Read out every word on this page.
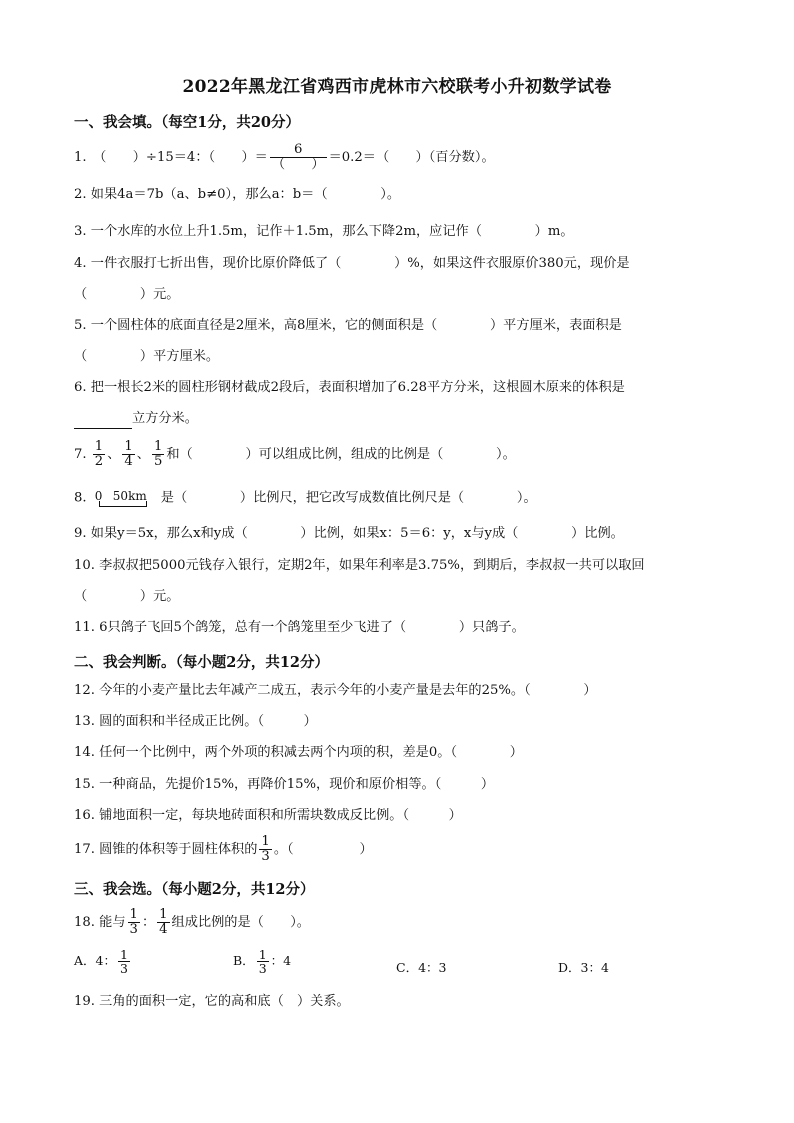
2022年黑龙江省鸡西市虎林市六校联考小升初数学试卷
一、我会填。（每空1分，共20分）
1.　（　　）÷15＝4：（　　）＝ $\frac{6}{( )} =0.2=$（　　）（百分数）。
2. 如果4a＝7b（a、b≠0），那么a：b＝（　　　　）。
3. 一个水库的水位上升1.5m，记作＋1.5m，那么下降2m，应记作（　　　　）m。
4. 一件衣服打七折出售，现价比原价降低了（　　　　）%，如果这件衣服原价380元，现价是
（　　　　）元。
5. 一个圆柱体的底面直径是2厘米，高8厘米，它的侧面积是（　　　　）平方厘米，表面积是
（　　　　）平方厘米。
6. 把一根长2米的圆柱形钢材截成2段后，表面积增加了6.28平方分米，这根圆木原来的体积是
立方分米。
7. $\frac{1}{2}$ 、 $\frac{1}{4}$ 、 $\frac{1}{5}$ 和（　　　　）可以组成比例，组成的比例是（　　　　）。
8. 0 50km 是（　　　　）比例尺，把它改写成数值比例尺是（　　　　）。
9. 如果y＝5x，那么x和y成（　　　　）比例，如果x：5＝6：y，x与y成（　　　　）比例。
10. 李叔叔把5000元钱存入银行，定期2年，如果年利率是3.75%，到期后，李叔叔一共可以取回
（　　　　）元。
11. 6只鸽子飞回5个鸽笼，总有一个鸽笼里至少飞进了（　　　　）只鸽子。
二、我会判断。（每小题2分，共12分）
12. 今年的小麦产量比去年减产二成五，表示今年的小麦产量是去年的25%。（　　　　）
13. 圆的面积和半径成正比例。（　　　）
14. 任何一个比例中，两个外项的积减去两个内项的积，差是0。（　　　　）
15. 一种商品，先提价15%，再降价15%，现价和原价相等。（　　　）
16. 铺地面积一定，每块地砖面积和所需块数成反比例。（　　　）
17. 圆锥的体积等于圆柱体积的 $\frac{1}{3}$ 。（　　　　　）
三、我会选。（每小题2分，共12分）
18. 能与 $\frac{1}{3}$ ： $\frac{1}{4}$ 组成比例的是（　　）。
A．4： $\frac{1}{3}$	B． $\frac{1}{3}$ ：4	C．4：3	D．3：4
19. 三角的面积一定，它的高和底（　）关系。
